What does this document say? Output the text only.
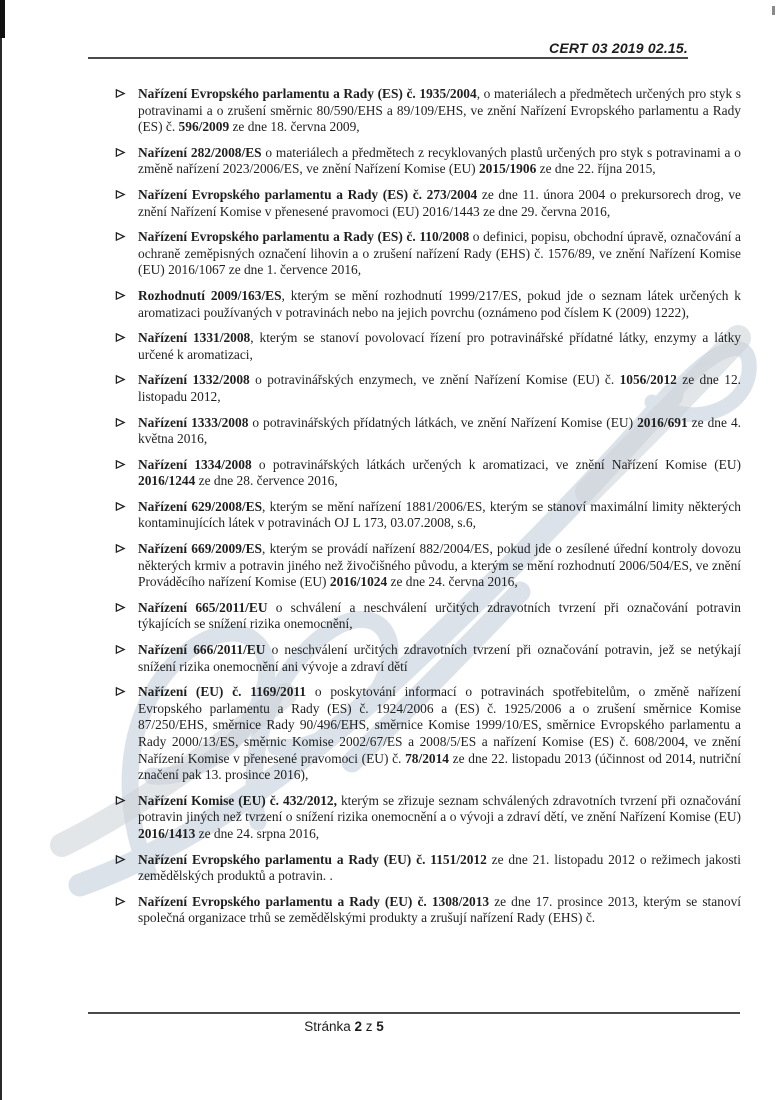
CERT 03 2019 02.15.
Nařízení Evropského parlamentu a Rady (ES) č. 1935/2004, o materiálech a předmětech určených pro styk s potravinami a o zrušení směrnic 80/590/EHS a 89/109/EHS, ve znění Nařízení Evropského parlamentu a Rady (ES) č. 596/2009 ze dne 18. června 2009,
Nařízení 282/2008/ES o materiálech a předmětech z recyklovaných plastů určených pro styk s potravinami a o změně nařízení 2023/2006/ES, ve znění Nařízení Komise (EU) 2015/1906 ze dne 22. října 2015,
Nařízení Evropského parlamentu a Rady (ES) č. 273/2004 ze dne 11. února 2004 o prekursorech drog, ve znění Nařízení Komise v přenesené pravomoci (EU) 2016/1443 ze dne 29. června 2016,
Nařízení Evropského parlamentu a Rady (ES) č. 110/2008 o definici, popisu, obchodní úpravě, označování a ochraně zeměpisných označení lihovin a o zrušení nařízení Rady (EHS) č. 1576/89, ve znění Nařízení Komise (EU) 2016/1067 ze dne 1. července 2016,
Rozhodnutí 2009/163/ES, kterým se mění rozhodnutí 1999/217/ES, pokud jde o seznam látek určených k aromatizaci používaných v potravinách nebo na jejich povrchu (oznámeno pod číslem K (2009) 1222),
Nařízení 1331/2008, kterým se stanoví povolovací řízení pro potravinářské přídatné látky, enzymy a látky určené k aromatizaci,
Nařízení 1332/2008 o potravinářských enzymech, ve znění Nařízení Komise (EU) č. 1056/2012 ze dne 12. listopadu 2012,
Nařízení 1333/2008 o potravinářských přídatných látkách, ve znění Nařízení Komise (EU) 2016/691 ze dne 4. května 2016,
Nařízení 1334/2008 o potravinářských látkách určených k aromatizaci, ve znění Nařízení Komise (EU) 2016/1244 ze dne 28. července 2016,
Nařízení 629/2008/ES, kterým se mění nařízení 1881/2006/ES, kterým se stanoví maximální limity některých kontaminujících látek v potravinách OJ L 173, 03.07.2008, s.6,
Nařízení 669/2009/ES, kterým se provádí nařízení 882/2004/ES, pokud jde o zesílené úřední kontroly dovozu některých krmiv a potravin jiného než živočišného původu, a kterým se mění rozhodnutí 2006/504/ES, ve znění Prováděcího nařízení Komise (EU) 2016/1024 ze dne 24. června 2016,
Nařízení 665/2011/EU o schválení a neschválení určitých zdravotních tvrzení při označování potravin týkajících se snížení rizika onemocnění,
Nařízení 666/2011/EU o neschválení určitých zdravotních tvrzení při označování potravin, jež se netýkají snížení rizika onemocnění ani vývoje a zdraví dětí
Nařízení (EU) č. 1169/2011 o poskytování informací o potravinách spotřebitelům, o změně nařízení Evropského parlamentu a Rady (ES) č. 1924/2006 a (ES) č. 1925/2006 a o zrušení směrnice Komise 87/250/EHS, směrnice Rady 90/496/EHS, směrnice Komise 1999/10/ES, směrnice Evropského parlamentu a Rady 2000/13/ES, směrnic Komise 2002/67/ES a 2008/5/ES a nařízení Komise (ES) č. 608/2004, ve znění Nařízení Komise v přenesené pravomoci (EU) č. 78/2014 ze dne 22. listopadu 2013 (účinnost od 2014, nutriční značení pak 13. prosince 2016),
Nařízení Komise (EU) č. 432/2012, kterým se zřizuje seznam schválených zdravotních tvrzení při označování potravin jiných než tvrzení o snížení rizika onemocnění a o vývoji a zdraví dětí, ve znění Nařízení Komise (EU) 2016/1413 ze dne 24. srpna 2016,
Nařízení Evropského parlamentu a Rady (EU) č. 1151/2012 ze dne 21. listopadu 2012 o režimech jakosti zemědělských produktů a potravin. .
Nařízení Evropského parlamentu a Rady (EU) č. 1308/2013 ze dne 17. prosince 2013, kterým se stanoví společná organizace trhů se zemědělskými produkty a zrušují nařízení Rady (EHS) č.
Stránka 2 z 5
